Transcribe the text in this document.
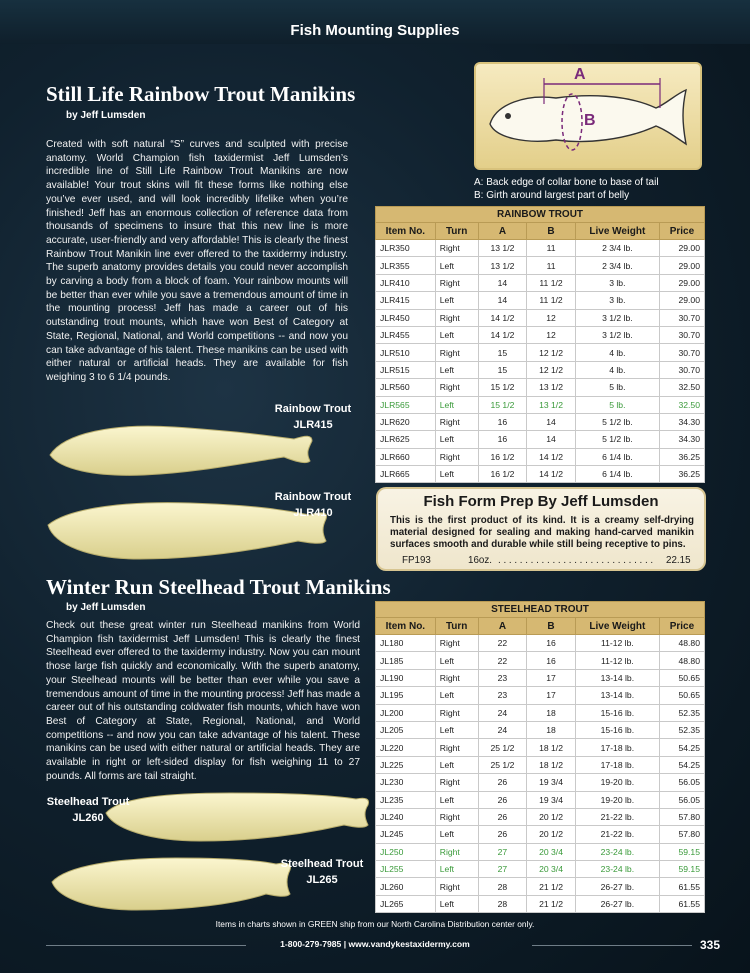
Fish Mounting Supplies
Still Life Rainbow Trout Manikins
by Jeff Lumsden
Created with soft natural “S” curves and sculpted with precise anatomy. World Champion fish taxidermist Jeff Lumsden’s incredible line of Still Life Rainbow Trout Manikins are now available! Your trout skins will fit these forms like nothing else you’ve ever used, and will look incredibly lifelike when you’re finished! Jeff has an enormous collection of reference data from thousands of specimens to insure that this new line is more accurate, user-friendly and very affordable! This is clearly the finest Rainbow Trout Manikin line ever offered to the taxidermy industry. The superb anatomy provides details you could never accomplish by carving a body from a block of foam. Your rainbow mounts will be better than ever while you save a tremendous amount of time in the mounting process! Jeff has made a career out of his outstanding trout mounts, which have won Best of Category at State, Regional, National, and World competitions -- and now you can take advantage of his talent. These manikins can be used with either natural or artificial heads. They are available for fish weighing 3 to 6 1/4 pounds.
Rainbow Trout
JLR415
Rainbow Trout
JLR410
A
B
A: Back edge of collar bone to base of tail
B: Girth around largest part of belly
RAINBOW TROUT					
Item No.	Turn	A	B	Live Weight	Price
JLR350	Right	13 1/2	11	2 3/4 lb.	29.00
JLR355	Left	13 1/2	11	2 3/4 lb.	29.00
JLR410	Right	14	11 1/2	3 lb.	29.00
JLR415	Left	14	11 1/2	3 lb.	29.00
JLR450	Right	14 1/2	12	3 1/2 lb.	30.70
JLR455	Left	14 1/2	12	3 1/2 lb.	30.70
JLR510	Right	15	12 1/2	4 lb.	30.70
JLR515	Left	15	12 1/2	4 lb.	30.70
JLR560	Right	15 1/2	13 1/2	5 lb.	32.50
JLR565	Left	15 1/2	13 1/2	5 lb.	32.50
JLR620	Right	16	14	5 1/2 lb.	34.30
JLR625	Left	16	14	5 1/2 lb.	34.30
JLR660	Right	16 1/2	14 1/2	6 1/4 lb.	36.25
JLR665	Left	16 1/2	14 1/2	6 1/4 lb.	36.25
Fish Form Prep By Jeff Lumsden
This is the first product of its kind. It is a creamy self-drying material designed for sealing and making hand-carved manikin surfaces smooth and durable while still being receptive to pins.
FP193	16oz. . . . . . . . . . . . . . . . . . . . . . . . . . . . . .	22.15
Winter Run Steelhead Trout Manikins
by Jeff Lumsden
Check out these great winter run Steelhead manikins from World Champion fish taxidermist Jeff Lumsden! This is clearly the finest Steelhead ever offered to the taxidermy industry. Now you can mount those large fish quickly and economically. With the superb anatomy, your Steelhead mounts will be better than ever while you save a tremendous amount of time in the mounting process! Jeff has made a career out of his outstanding coldwater fish mounts, which have won Best of Category at State, Regional, National, and World competitions -- and now you can take advantage of his talent. These manikins can be used with either natural or artificial heads. They are available in right or left-sided display for fish weighing 11 to 27 pounds. All forms are tail straight.
Steelhead Trout
JL260
Steelhead Trout
JL265
STEELHEAD TROUT					
Item No.	Turn	A	B	Live Weight	Price
JL180	Right	22	16	11-12 lb.	48.80
JL185	Left	22	16	11-12 lb.	48.80
JL190	Right	23	17	13-14 lb.	50.65
JL195	Left	23	17	13-14 lb.	50.65
JL200	Right	24	18	15-16 lb.	52.35
JL205	Left	24	18	15-16 lb.	52.35
JL220	Right	25 1/2	18 1/2	17-18 lb.	54.25
JL225	Left	25 1/2	18 1/2	17-18 lb.	54.25
JL230	Right	26	19 3/4	19-20 lb.	56.05
JL235	Left	26	19 3/4	19-20 lb.	56.05
JL240	Right	26	20 1/2	21-22 lb.	57.80
JL245	Left	26	20 1/2	21-22 lb.	57.80
JL250	Right	27	20 3/4	23-24 lb.	59.15
JL255	Left	27	20 3/4	23-24 lb.	59.15
JL260	Right	28	21 1/2	26-27 lb.	61.55
JL265	Left	28	21 1/2	26-27 lb.	61.55
Items in charts shown in GREEN ship from our North Carolina Distribution center only.
1-800-279-7985 | www.vandykestaxidermy.com	335
